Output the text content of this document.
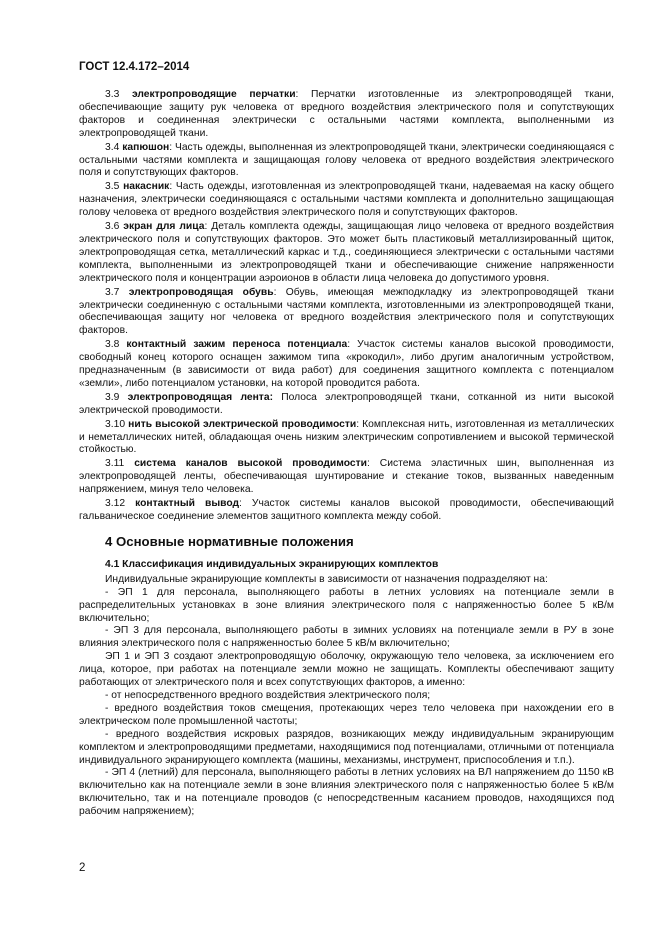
ГОСТ 12.4.172–2014

3.3 электропроводящие перчатки: Перчатки изготовленные из электропроводящей ткани, обеспечивающие защиту рук человека от вредного воздействия электрического поля и сопутствующих факторов и соединенная электрически с остальными частями комплекта, выполненными из электропроводящей ткани.

3.4 капюшон: Часть одежды, выполненная из электропроводящей ткани, электрически соединяющаяся с остальными частями комплекта и защищающая голову человека от вредного воздействия электрического поля и сопутствующих факторов.

3.5 накасник: Часть одежды, изготовленная из электропроводящей ткани, надеваемая на каску общего назначения, электрически соединяющаяся с остальными частями комплекта и дополнительно защищающая голову человека от вредного воздействия электрического поля и сопутствующих факторов.

3.6 экран для лица: Деталь комплекта одежды, защищающая лицо человека от вредного воздействия электрического поля и сопутствующих факторов. Это может быть пластиковый металлизированный щиток, электропроводящая сетка, металлический каркас и т.д., соединяющиеся электрически с остальными частями комплекта, выполненными из электропроводящей ткани и обеспечивающие снижение напряженности электрического поля и концентрации аэроионов в области лица человека до допустимого уровня.

3.7 электропроводящая обувь: Обувь, имеющая межподкладку из электропроводящей ткани электрически соединенную с остальными частями комплекта, изготовленными из электропроводящей ткани, обеспечивающая защиту ног человека от вредного воздействия электрического поля и сопутствующих факторов.

3.8 контактный зажим переноса потенциала: Участок системы каналов высокой проводимости, свободный конец которого оснащен зажимом типа «крокодил», либо другим аналогичным устройством, предназначенным (в зависимости от вида работ) для соединения защитного комплекта с потенциалом «земли», либо потенциалом установки, на которой проводится работа.

3.9 электропроводящая лента: Полоса электропроводящей ткани, сотканной из нити высокой электрической проводимости.

3.10 нить высокой электрической проводимости: Комплексная нить, изготовленная из металлических и неметаллических нитей, обладающая очень низким электрическим сопротивлением и высокой термической стойкостью.

3.11 система каналов высокой проводимости: Система эластичных шин, выполненная из электропроводящей ленты, обеспечивающая шунтирование и стекание токов, вызванных наведенным напряжением, минуя тело человека.

3.12 контактный вывод: Участок системы каналов высокой проводимости, обеспечивающий гальваническое соединение элементов защитного комплекта между собой.

4 Основные нормативные положения
4.1 Классификация индивидуальных экранирующих комплектов

Индивидуальные экранирующие комплекты в зависимости от назначения подразделяют на:

- ЭП 1 для персонала, выполняющего работы в летних условиях на потенциале земли в распределительных установках в зоне влияния электрического поля с напряженностью более 5 кВ/м включительно;

- ЭП 3 для персонала, выполняющего работы в зимних условиях на потенциале земли в РУ в зоне влияния электрического поля с напряженностью более 5 кВ/м включительно;

ЭП 1 и ЭП 3 создают электропроводящую оболочку, окружающую тело человека, за исключением его лица, которое, при работах на потенциале земли можно не защищать. Комплекты обеспечивают защиту работающих от электрического поля и всех сопутствующих факторов, а именно:

- от непосредственного вредного воздействия электрического поля;

- вредного воздействия токов смещения, протекающих через тело человека при нахождении его в электрическом поле промышленной частоты;

- вредного воздействия искровых разрядов, возникающих между индивидуальным экранирующим комплектом и электропроводящими предметами, находящимися под потенциалами, отличными от потенциала индивидуального экранирующего комплекта (машины, механизмы, инструмент, приспособления и т.п.).

- ЭП 4 (летний) для персонала, выполняющего работы в летних условиях на ВЛ напряжением до 1150 кВ включительно как на потенциале земли в зоне влияния электрического поля с напряженностью более 5 кВ/м включительно, так и на потенциале проводов (с непосредственным касанием проводов, находящихся под рабочим напряжением);

2
